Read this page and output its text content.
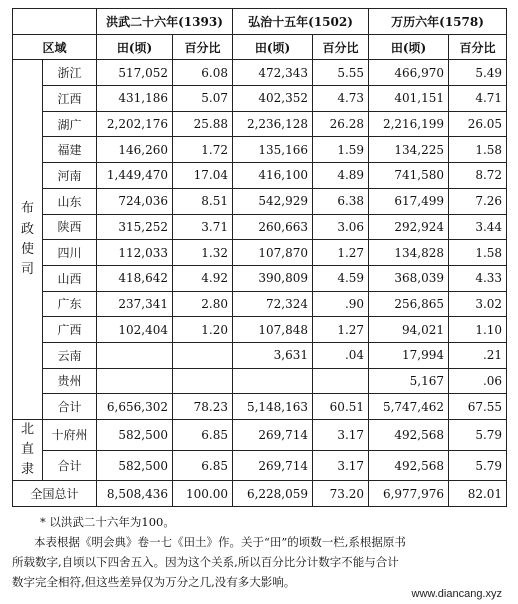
		洪武二十六年(1393)		弘治十五年(1502)		万历六年(1578)	
区域		田(顷)	百分比	田(顷)	百分比	田(顷)	百分比

布
政
使
司	浙江	517,052	6.08	472,343	5.55	466,970	5.49
	江西	431,186	5.07	402,352	4.73	401,151	4.71
	湖广	2,202,176	25.88	2,236,128	26.28	2,216,199	26.05
	福建	146,260	1.72	135,166	1.59	134,225	1.58
	河南	1,449,470	17.04	416,100	4.89	741,580	8.72
	山东	724,036	8.51	542,929	6.38	617,499	7.26
	陕西	315,252	3.71	260,663	3.06	292,924	3.44
	四川	112,033	1.32	107,870	1.27	134,828	1.58
	山西	418,642	4.92	390,809	4.59	368,039	4.33
	广东	237,341	2.80	72,324	.90	256,865	3.02
	广西	102,404	1.20	107,848	1.27	94,021	1.10
	云南			3,631	.04	17,994	.21
	贵州					5,167	.06
	合计	6,656,302	78.23	5,148,163	60.51	5,747,462	67.55

北
直
隶	十府州	582,500	6.85	269,714	3.17	492,568	5.79
	合计	582,500	6.85	269,714	3.17	492,568	5.79
全国总计		8,508,436	100.00	6,228,059	73.20	6,977,976	82.01

* 以洪武二十六年为100。

本表根据《明会典》卷一七《田土》作。关于“田”的顷数一栏,系根据原书

所载数字,自顷以下四舍五入。因为这个关系,所以百分比分计数字不能与合计

数字完全相符,但这些差异仅为万分之几,没有多大影响。

www.diancang.xyz
